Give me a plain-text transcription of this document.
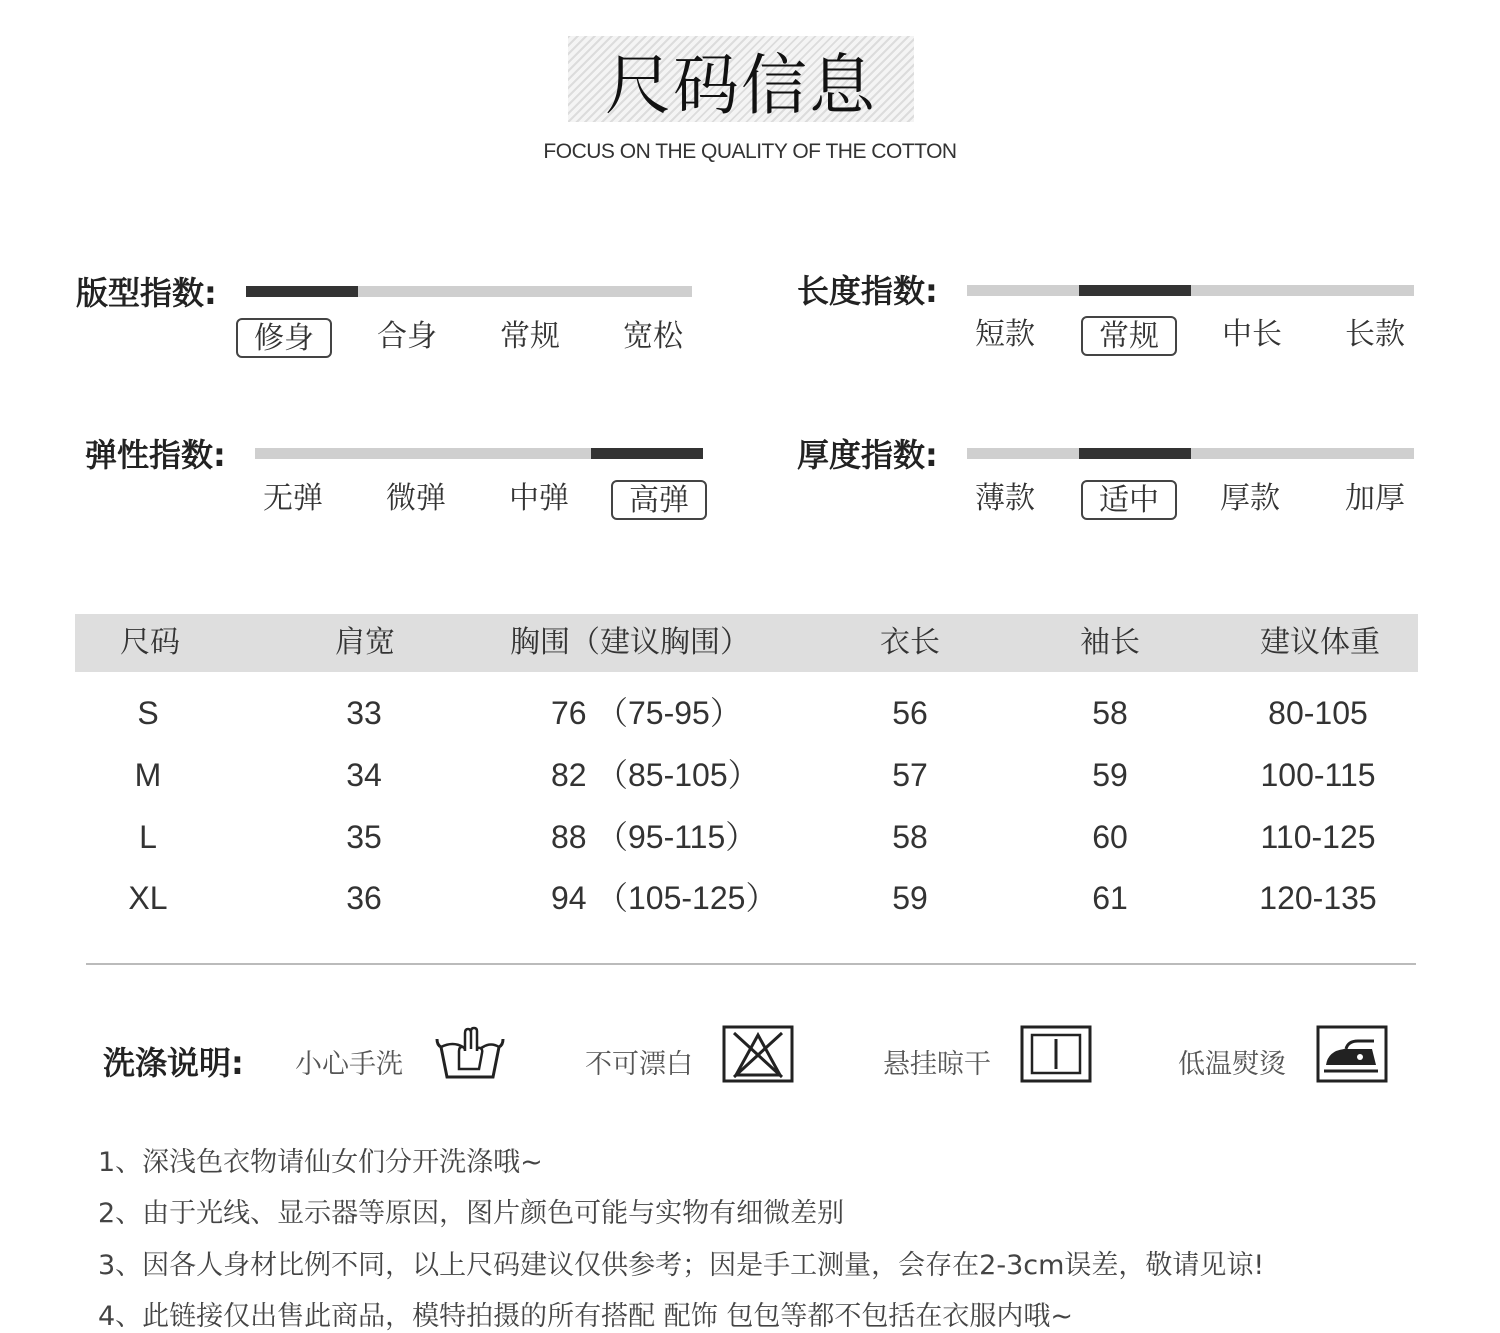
尺码信息
FOCUS ON THE QUALITY OF THE COTTON
版型指数:
修身	合身	常规	宽松
长度指数:
短款	常规	中长	长款
弹性指数:
无弹	微弹	中弹	高弹
厚度指数:
薄款	适中	厚款	加厚
尺码	肩宽	胸围（建议胸围）	衣长	袖长	建议体重
S	33	76 （75-95）	56	58	80-105
M	34	82 （85-105）	57	59	100-115
L	35	88 （95-115）	58	60	110-125
XL	36	94 （105-125）	59	61	120-135
洗涤说明: 小心手洗	不可漂白	悬挂晾干	低温熨烫
1、深浅色衣物请仙女们分开洗涤哦~
2、由于光线、显示器等原因，图片颜色可能与实物有细微差别
3、因各人身材比例不同，以上尺码建议仅供参考；因是手工测量，会存在2-3cm误差，敬请见谅!
4、此链接仅出售此商品，模特拍摄的所有搭配 配饰 包包等都不包括在衣服内哦~
